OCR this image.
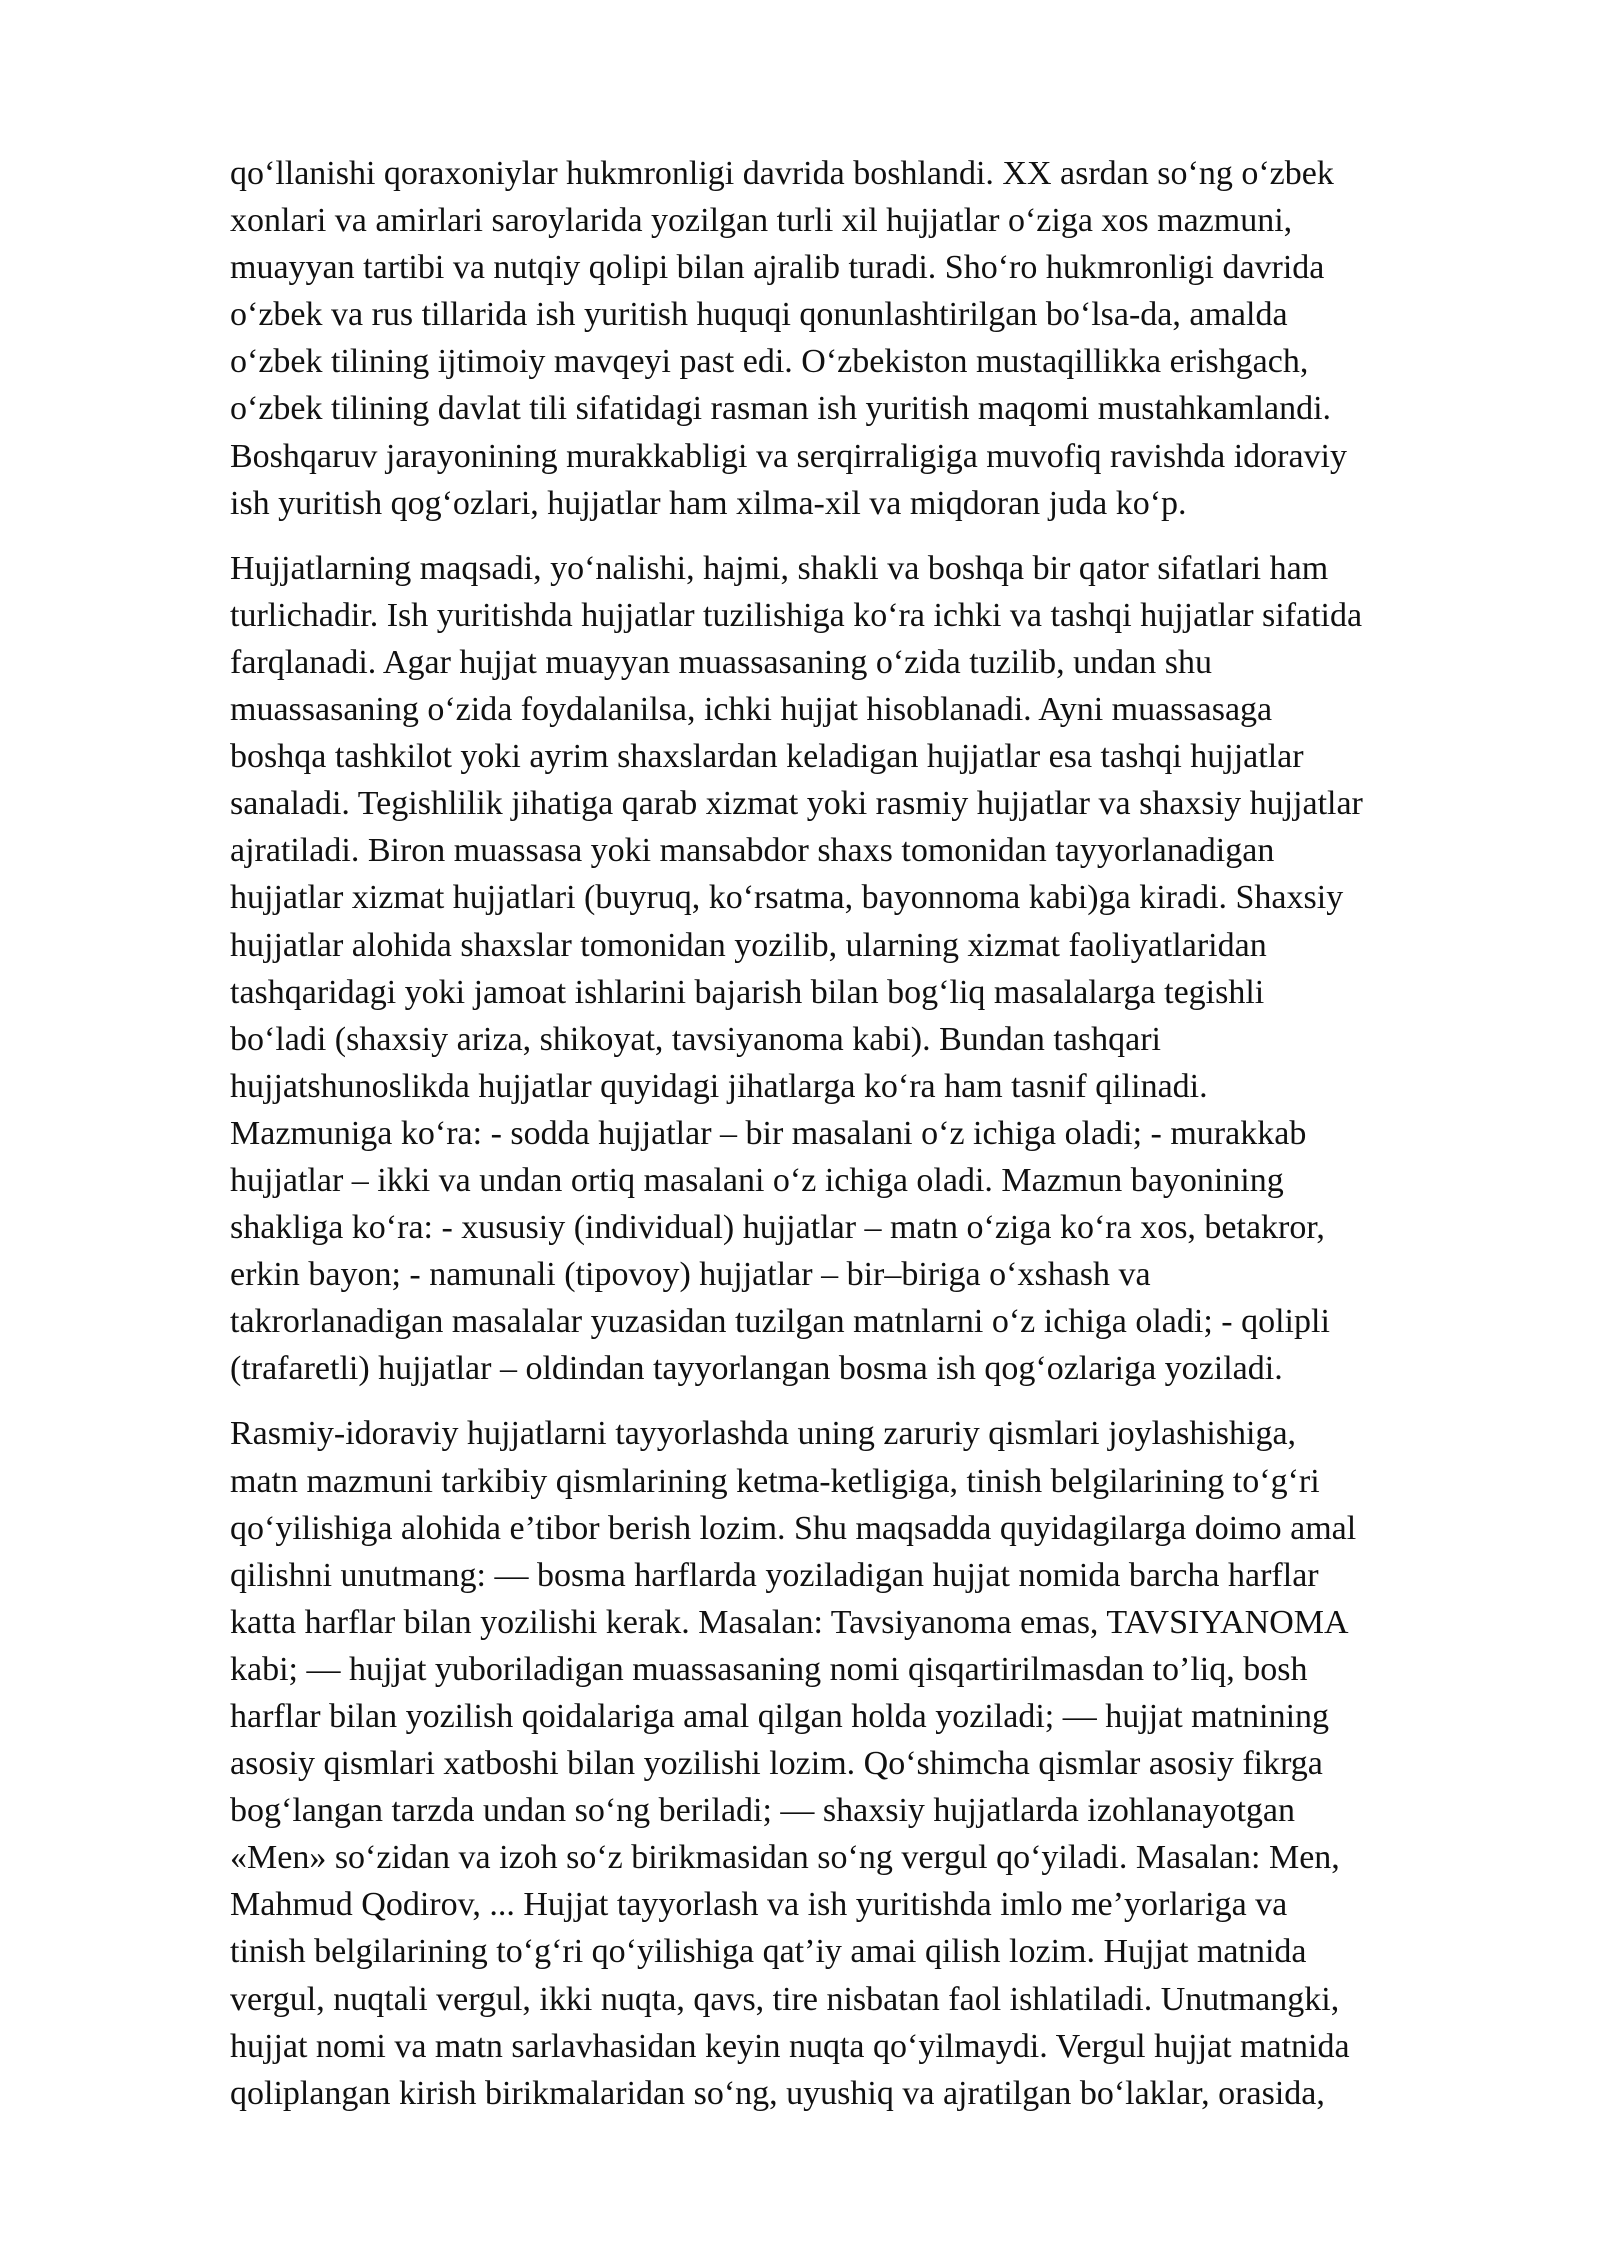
qo‘llanishi qoraxoniylar hukmronligi davrida boshlandi. XX asrdan so‘ng o‘zbek
xonlari va amirlari saroylarida yozilgan turli xil hujjatlar o‘ziga xos mazmuni,
muayyan tartibi va nutqiy qolipi bilan ajralib turadi. Sho‘ro hukmronligi davrida
o‘zbek va rus tillarida ish yuritish huquqi qonunlashtirilgan bo‘lsa-da, amalda
o‘zbek tilining ijtimoiy mavqeyi past edi. O‘zbekiston mustaqillikka erishgach,
o‘zbek tilining davlat tili sifatidagi rasman ish yuritish maqomi mustahkamlandi.
Boshqaruv jarayonining murakkabligi va serqirraligiga muvofiq ravishda idoraviy
ish yuritish qog‘ozlari, hujjatlar ham xilma-xil va miqdoran juda ko‘p.

Hujjatlarning maqsadi, yo‘nalishi, hajmi, shakli va boshqa bir qator sifatlari ham
turlichadir. Ish yuritishda hujjatlar tuzilishiga ko‘ra ichki va tashqi hujjatlar sifatida
farqlanadi. Agar hujjat muayyan muassasaning o‘zida tuzilib, undan shu
muassasaning o‘zida foydalanilsa, ichki hujjat hisoblanadi. Ayni muassasaga
boshqa tashkilot yoki ayrim shaxslardan keladigan hujjatlar esa tashqi hujjatlar
sanaladi. Tegishlilik jihatiga qarab xizmat yoki rasmiy hujjatlar va shaxsiy hujjatlar
ajratiladi. Biron muassasa yoki mansabdor shaxs tomonidan tayyorlanadigan
hujjatlar xizmat hujjatlari (buyruq, ko‘rsatma, bayonnoma kabi)ga kiradi. Shaxsiy
hujjatlar alohida shaxslar tomonidan yozilib, ularning xizmat faoliyatlaridan
tashqaridagi yoki jamoat ishlarini bajarish bilan bog‘liq masalalarga tegishli
bo‘ladi (shaxsiy ariza, shikoyat, tavsiyanoma kabi). Bundan tashqari
hujjatshunoslikda hujjatlar quyidagi jihatlarga ko‘ra ham tasnif qilinadi.
Mazmuniga ko‘ra: - sodda hujjatlar – bir masalani o‘z ichiga oladi; - murakkab
hujjatlar – ikki va undan ortiq masalani o‘z ichiga oladi. Mazmun bayonining
shakliga ko‘ra: - xususiy (individual) hujjatlar – matn o‘ziga ko‘ra xos, betakror,
erkin bayon; - namunali (tipovoy) hujjatlar – bir–biriga o‘xshash va
takrorlanadigan masalalar yuzasidan tuzilgan matnlarni o‘z ichiga oladi; - qolipli
(trafaretli) hujjatlar – oldindan tayyorlangan bosma ish qog‘ozlariga yoziladi.

Rasmiy-idoraviy hujjatlarni tayyorlashda uning zaruriy qismlari joylashishiga,
matn mazmuni tarkibiy qismlarining ketma-ketligiga, tinish belgilarining to‘g‘ri
qo‘yilishiga alohida e’tibor berish lozim. Shu maqsadda quyidagilarga doimo amal
qilishni unutmang: — bosma harflarda yoziladigan hujjat nomida barcha harflar
katta harflar bilan yozilishi kerak. Masalan: Tavsiyanoma emas, TAVSIYANOMA
kabi; — hujjat yuboriladigan muassasaning nomi qisqartirilmasdan to’liq, bosh
harflar bilan yozilish qoidalariga amal qilgan holda yoziladi; — hujjat matnining
asosiy qismlari xatboshi bilan yozilishi lozim. Qo‘shimcha qismlar asosiy fikrga
bog‘langan tarzda undan so‘ng beriladi; — shaxsiy hujjatlarda izohlanayotgan
«Men» so‘zidan va izoh so‘z birikmasidan so‘ng vergul qo‘yiladi. Masalan: Men,
Mahmud Qodirov, ... Hujjat tayyorlash va ish yuritishda imlo me’yorlariga va
tinish belgilarining to‘g‘ri qo‘yilishiga qat’iy amai qilish lozim. Hujjat matnida
vergul, nuqtali vergul, ikki nuqta, qavs, tire nisbatan faol ishlatiladi. Unutmangki,
hujjat nomi va matn sarlavhasidan keyin nuqta qo‘yilmaydi. Vergul hujjat matnida
qoliplangan kirish birikmalaridan so‘ng, uyushiq va ajratilgan bo‘laklar, orasida,
